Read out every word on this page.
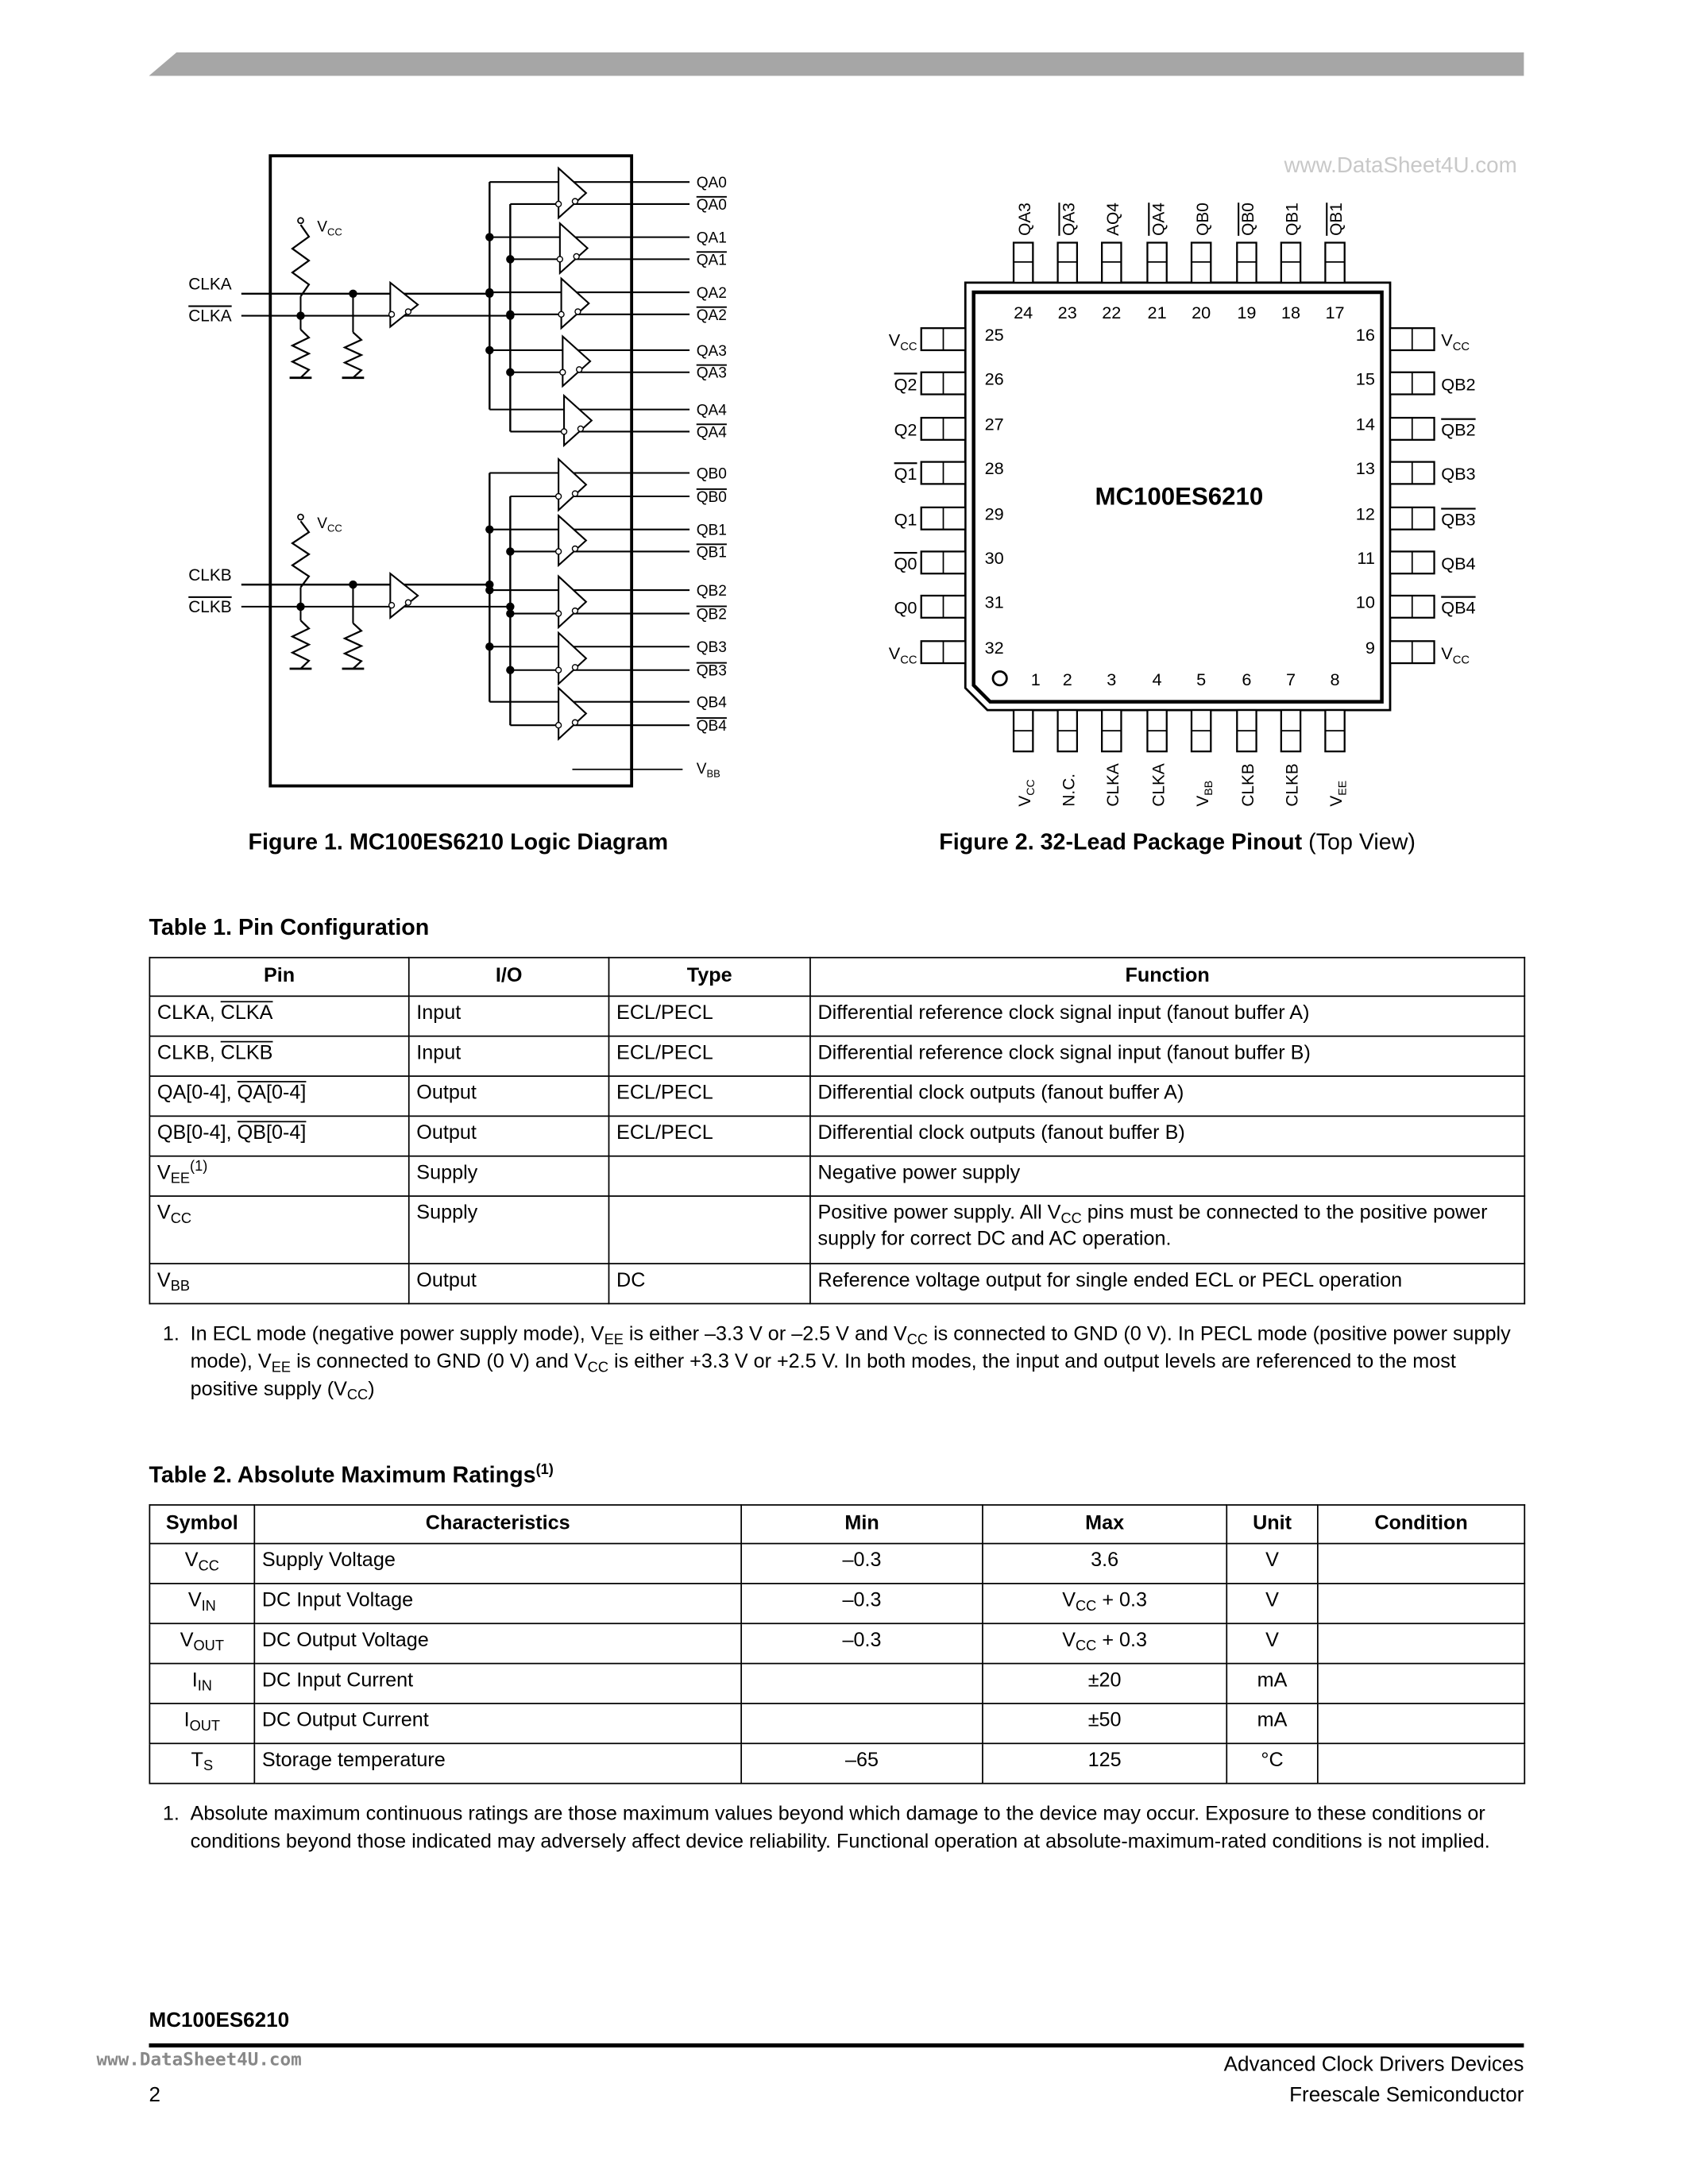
CLKA
CLKA
$V_{CC}$
QA0
QA0
QA1
QA1
QA2
QA2
QA3
QA3
QA4
QA4
CLKB
CLKB
$V_{CC}$
QB0
QB0
QB1
QB1
QB2
QB2
QB3
QB3
QB4
QB4
$V_{BB}$
www.DataSheet4U.com
MC100ES6210
QA3
24
QA3
23
AQ4
22
QA4
21
QB0
20
QB0
19
QB1
18
QB1
17
$V_{CC}$
1
N.C.
2
CLKA
3
CLKA
4
$V_{BB}$
5
CLKB
6
CLKB
7
$V_{EE}$
8
$V_{CC}$
25
Q2	26
Q2	27
Q1	28
Q1	29
Q0	30
Q0	31
$V_{CC}$
32
$V_{CC}$
16
QB2
15
QB2
14
QB3
13
QB3
12
QB4
11
QB4
10
$V_{CC}$
9
Figure 1. MC100ES6210 Logic Diagram	Figure 2. 32-Lead Package Pinout (Top View)
Table 1. Pin Configuration
Pin	I/O	Type	Function
CLKA, CLKA	Input	ECL/PECL	Differential reference clock signal input (fanout buffer A)
CLKB, CLKB	Input	ECL/PECL	Differential reference clock signal input (fanout buffer B)
QA[0-4], QA[0-4]	Output	ECL/PECL	Differential clock outputs (fanout buffer A)
QB[0-4], QB[0-4]	Output	ECL/PECL	Differential clock outputs (fanout buffer B)
$V_{EE}^{(1)}$	Supply		Negative power supply
$V_{CC}$	Supply		Positive power supply. All $V_{CC}$ pins must be connected to the positive power supply for correct DC and AC operation.
$V_{BB}$	Output	DC	Reference voltage output for single ended ECL or PECL operation
1. In ECL mode (negative power supply mode), $V_{EE}$ is either –3.3 V or –2.5 V and $V_{CC}$ is connected to GND (0 V). In PECL mode (positive power supply mode), $V_{EE}$ is connected to GND (0 V) and $V_{CC}$ is either +3.3 V or +2.5 V. In both modes, the input and output levels are referenced to the most positive supply $(V_{CC})$
Table 2. Absolute Maximum Ratings$^{(1)}$
Symbol	Characteristics	Min	Max	Unit	Condition
$V_{CC}$	Supply Voltage	–0.3	3.6	V	
$V_{IN}$	DC Input Voltage	–0.3	$V_{CC} + 0.3$	V	
$V_{OUT}$	DC Output Voltage	–0.3	$V_{CC} + 0.3$	V	
$I_{IN}$	DC Input Current		±20	mA	
$I_{OUT}$	DC Output Current		±50	mA	
$T_S$	Storage temperature	–65	125	°C	
1. Absolute maximum continuous ratings are those maximum values beyond which damage to the device may occur. Exposure to these conditions or conditions beyond those indicated may adversely affect device reliability. Functional operation at absolute-maximum-rated conditions is not implied.
MC100ES6210
www.DataSheet4U.com
2
Advanced Clock Drivers Devices
Freescale Semiconductor
